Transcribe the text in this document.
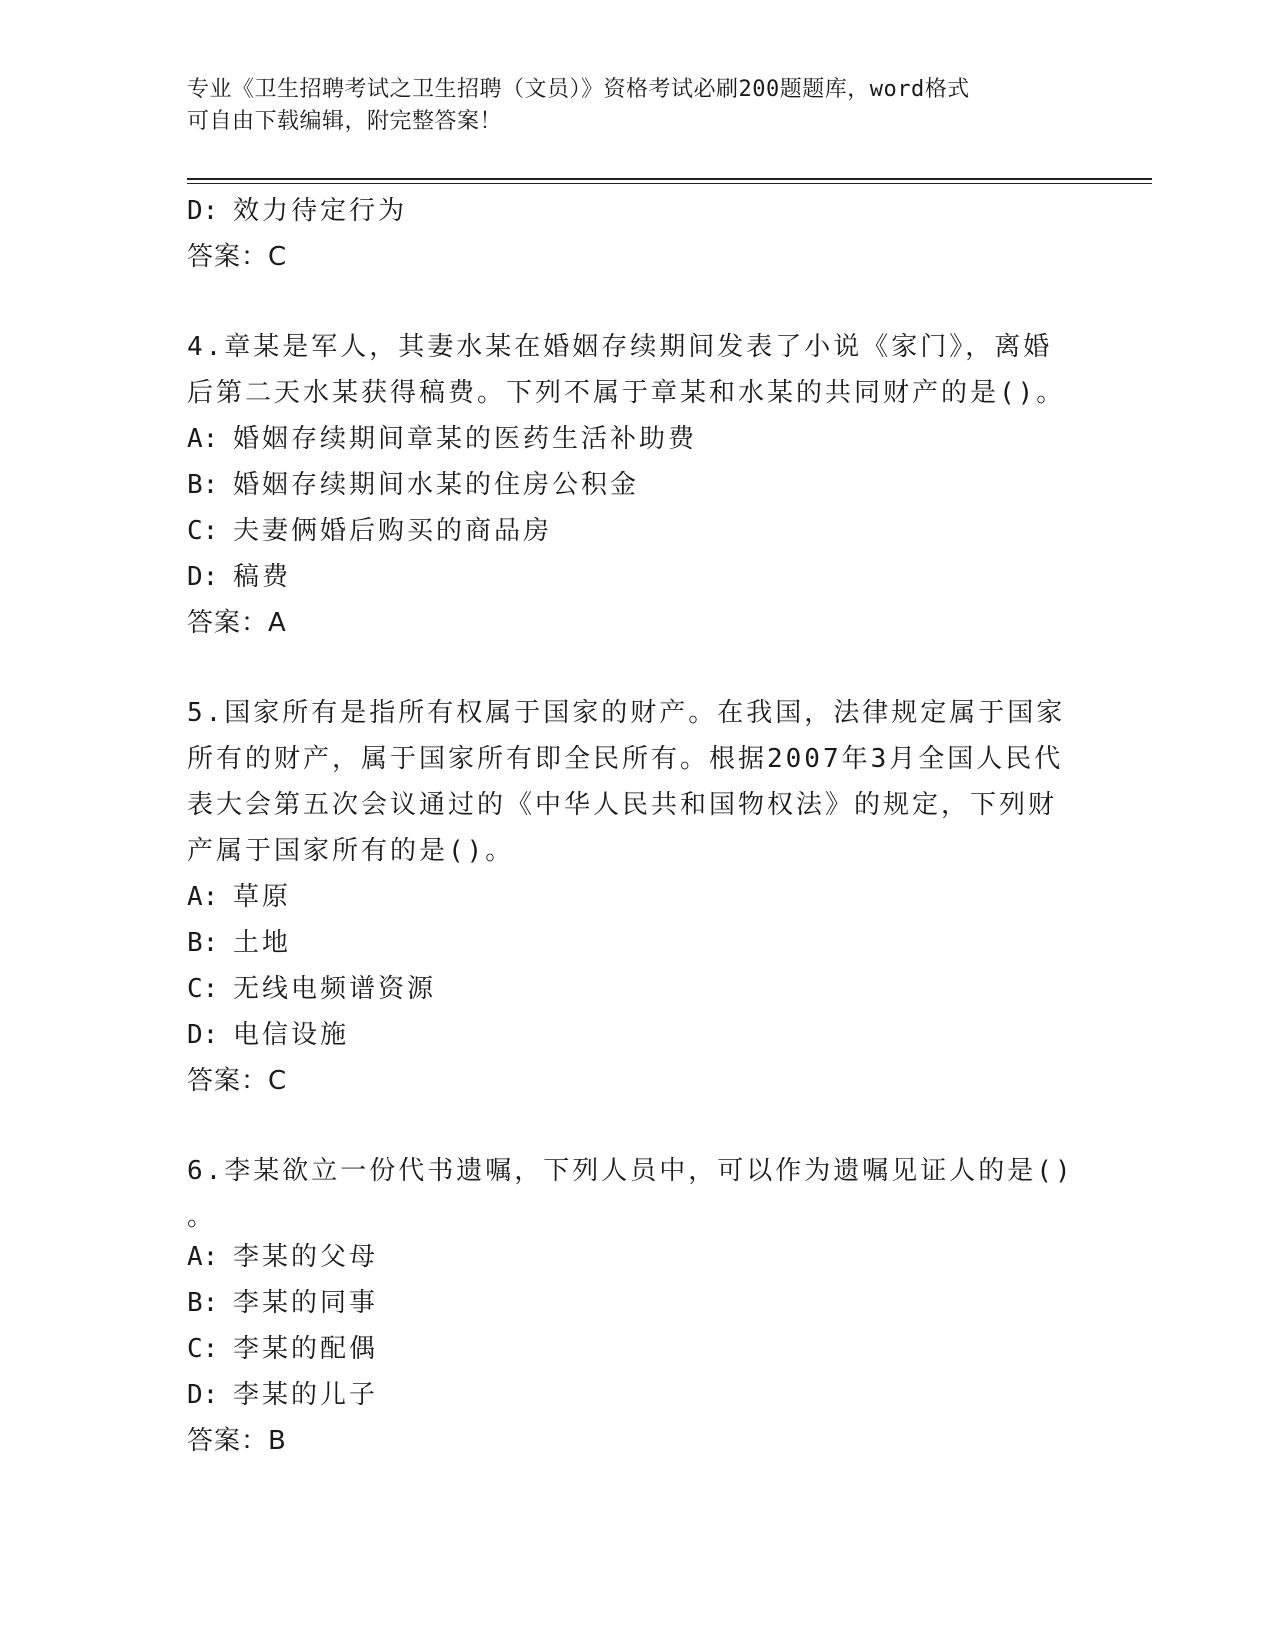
专业《卫生招聘考试之卫生招聘（文员）》资格考试必刷200题题库，word格式
可自由下载编辑，附完整答案！
D: 效力待定行为
答案：C
4.章某是军人，其妻水某在婚姻存续期间发表了小说《家门》，离婚
后第二天水某获得稿费。下列不属于章某和水某的共同财产的是()。
A: 婚姻存续期间章某的医药生活补助费
B: 婚姻存续期间水某的住房公积金
C: 夫妻俩婚后购买的商品房
D: 稿费
答案：A
5.国家所有是指所有权属于国家的财产。在我国，法律规定属于国家
所有的财产，属于国家所有即全民所有。根据2007年3月全国人民代
表大会第五次会议通过的《中华人民共和国物权法》的规定，下列财
产属于国家所有的是()。
A: 草原
B: 土地
C: 无线电频谱资源
D: 电信设施
答案：C
6.李某欲立一份代书遗嘱，下列人员中，可以作为遗嘱见证人的是()
。
A: 李某的父母
B: 李某的同事
C: 李某的配偶
D: 李某的儿子
答案：B
